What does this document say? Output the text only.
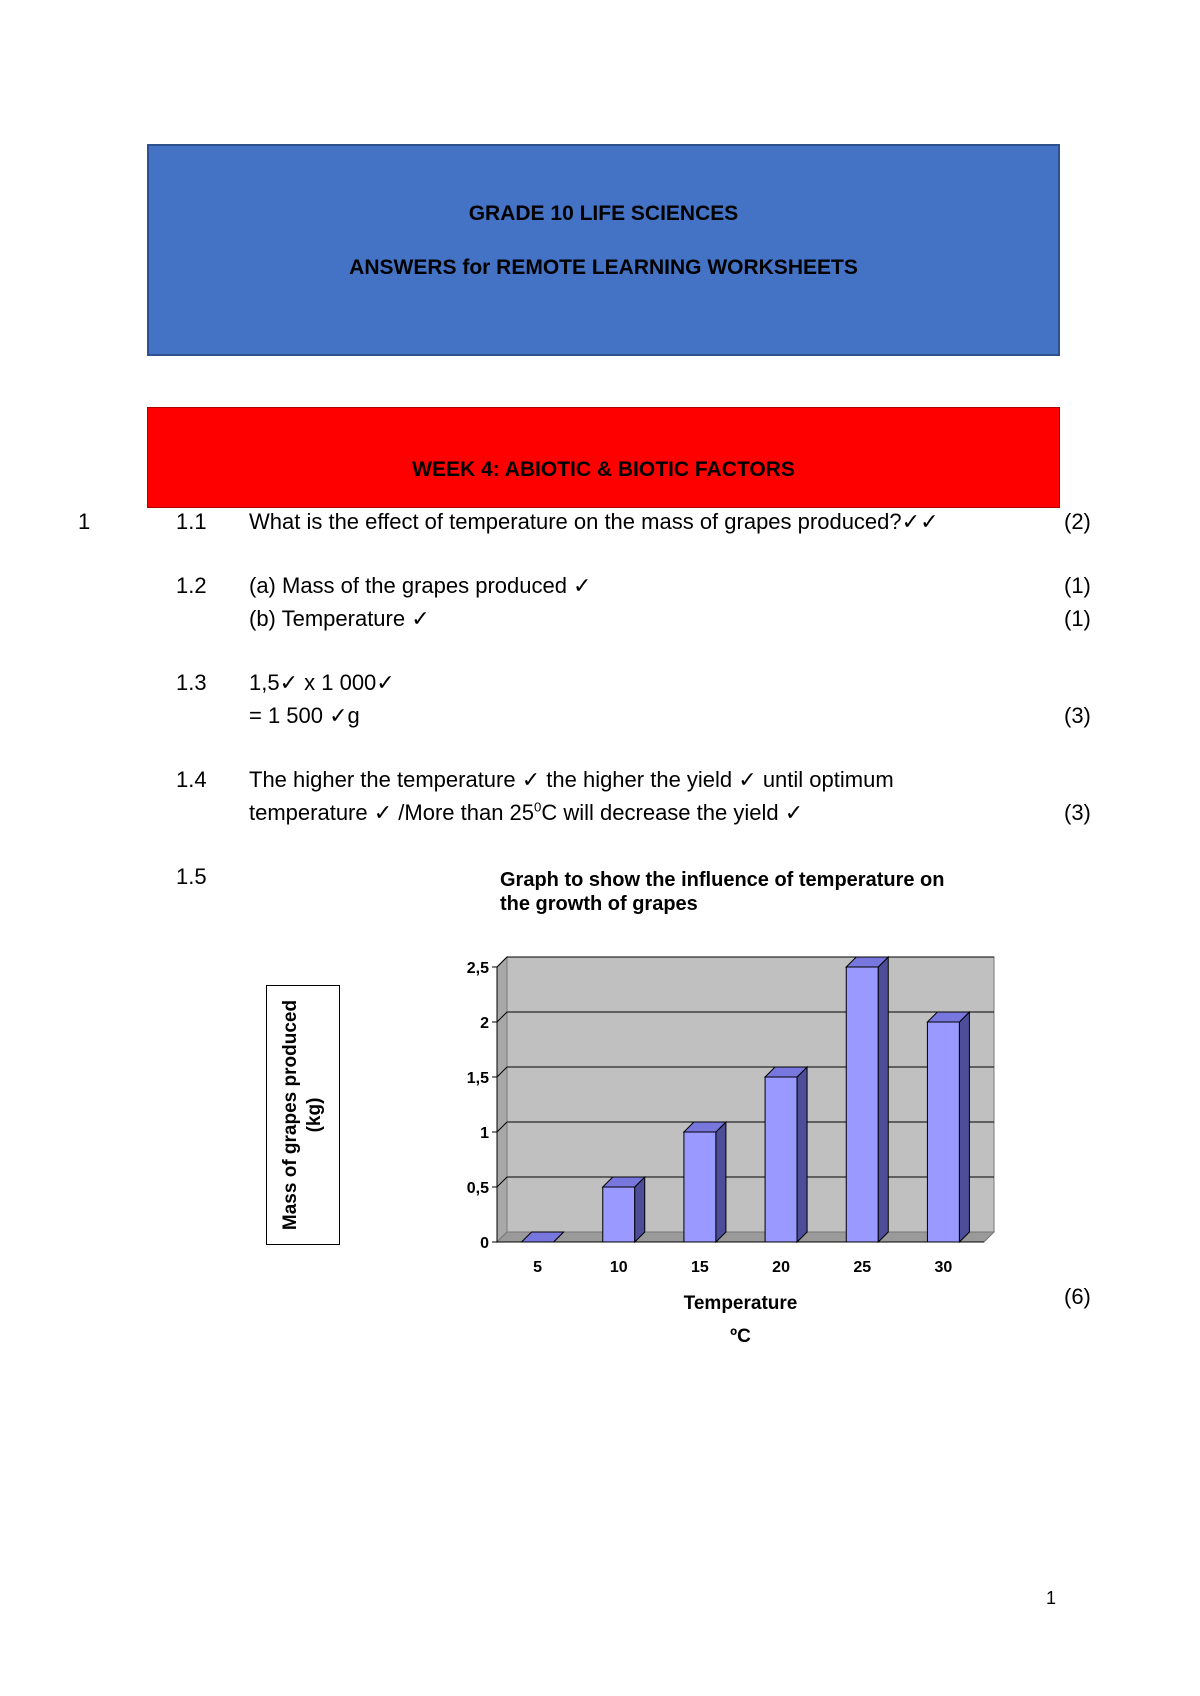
GRADE 10 LIFE SCIENCES
ANSWERS for REMOTE LEARNING WORKSHEETS
WEEK 4: ABIOTIC & BIOTIC FACTORS
1	1.1 What is the effect of temperature on the mass of grapes produced?✓✓	(2)
1.2 (a) Mass of the grapes produced ✓	(1)
(b) Temperature ✓	(1)
1.3 1,5✓ x 1 000✓
= 1 500 ✓g	(3)
1.4 The higher the temperature ✓ the higher the yield ✓ until optimum
temperature ✓ /More than $25^0C$ will decrease the yield ✓	(3)
1.5
(6)
Mass of grapes produced (kg)
Graph to show the influence of temperature on
the growth of grapes
0
0,5
1
1,5
2
2,5
5	10	15	20	25	30
Temperature
ºC
1
